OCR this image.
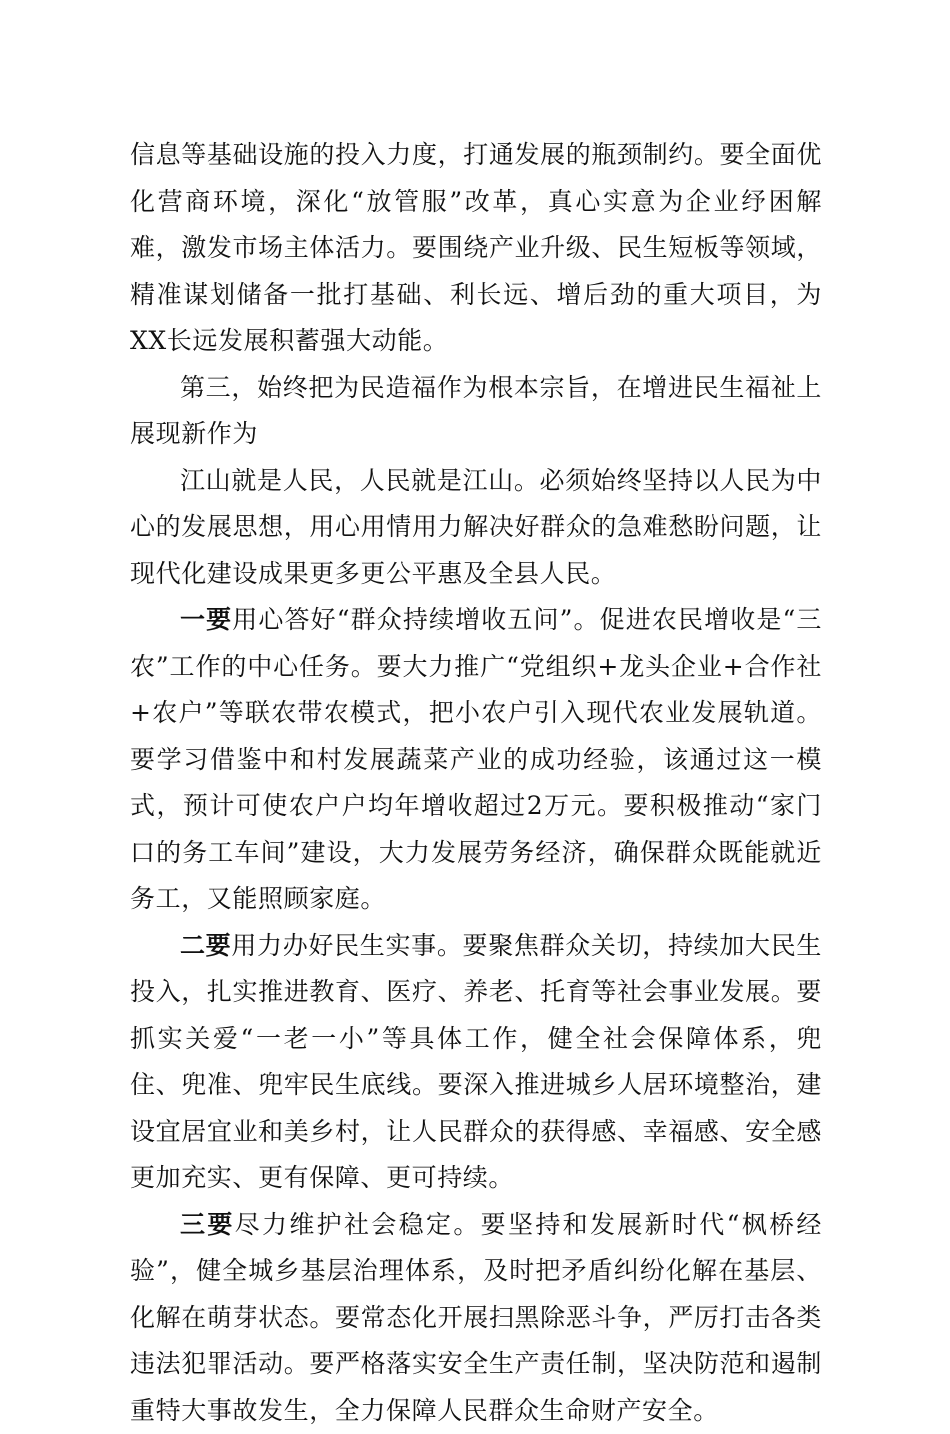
信息等基础设施的投入力度，打通发展的瓶颈制约。要全面优化营商环境，深化“放管服”改革，真心实意为企业纾困解难，激发市场主体活力。要围绕产业升级、民生短板等领域，精准谋划储备一批打基础、利长远、增后劲的重大项目，为XX长远发展积蓄强大动能。

第三，始终把为民造福作为根本宗旨，在增进民生福祉上展现新作为

江山就是人民，人民就是江山。必须始终坚持以人民为中心的发展思想，用心用情用力解决好群众的急难愁盼问题，让现代化建设成果更多更公平惠及全县人民。

一要用心答好“群众持续增收五问”。促进农民增收是“三农”工作的中心任务。要大力推广“党组织+龙头企业+合作社+农户”等联农带农模式，把小农户引入现代农业发展轨道。要学习借鉴中和村发展蔬菜产业的成功经验，该通过这一模式，预计可使农户户均年增收超过2万元。要积极推动“家门口的务工车间”建设，大力发展劳务经济，确保群众既能就近务工，又能照顾家庭。

二要用力办好民生实事。要聚焦群众关切，持续加大民生投入，扎实推进教育、医疗、养老、托育等社会事业发展。要抓实关爱“一老一小”等具体工作，健全社会保障体系，兜住、兜准、兜牢民生底线。要深入推进城乡人居环境整治，建设宜居宜业和美乡村，让人民群众的获得感、幸福感、安全感更加充实、更有保障、更可持续。

三要尽力维护社会稳定。要坚持和发展新时代“枫桥经验”，健全城乡基层治理体系，及时把矛盾纠纷化解在基层、化解在萌芽状态。要常态化开展扫黑除恶斗争，严厉打击各类违法犯罪活动。要严格落实安全生产责任制，坚决防范和遏制重特大事故发生，全力保障人民群众生命财产安全。
